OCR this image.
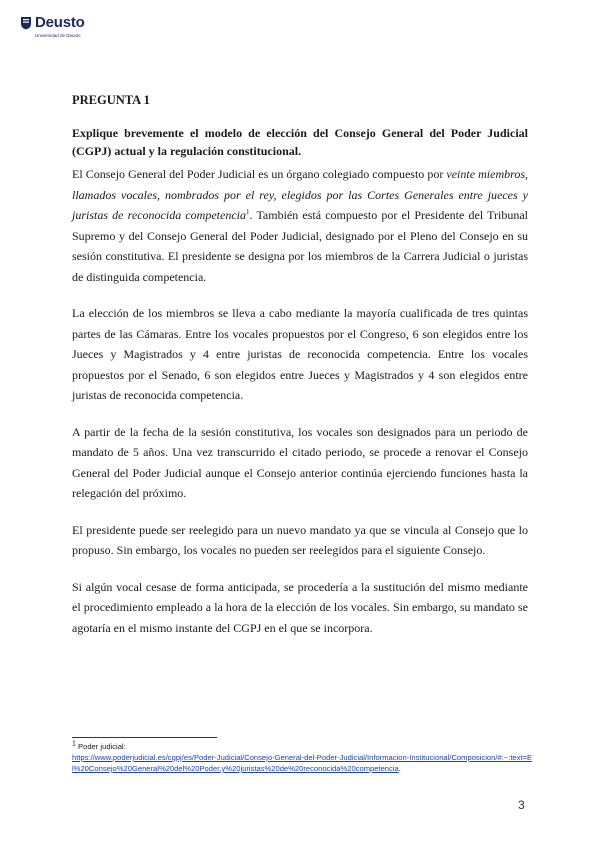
Deusto
Universidad de Deusto
PREGUNTA 1
Explique brevemente el modelo de elección del Consejo General del Poder Judicial (CGPJ) actual y la regulación constitucional.

El Consejo General del Poder Judicial es un órgano colegiado compuesto por veinte miembros, llamados vocales, nombrados por el rey, elegidos por las Cortes Generales entre jueces y juristas de reconocida competencia$^1$. También está compuesto por el Presidente del Tribunal Supremo y del Consejo General del Poder Judicial, designado por el Pleno del Consejo en su sesión constitutiva. El presidente se designa por los miembros de la Carrera Judicial o juristas de distinguida competencia.

La elección de los miembros se lleva a cabo mediante la mayoría cualificada de tres quintas partes de las Cámaras. Entre los vocales propuestos por el Congreso, 6 son elegidos entre los Jueces y Magistrados y 4 entre juristas de reconocida competencia. Entre los vocales propuestos por el Senado, 6 son elegidos entre Jueces y Magistrados y 4 son elegidos entre juristas de reconocida competencia.

A partir de la fecha de la sesión constitutiva, los vocales son designados para un periodo de mandato de 5 años. Una vez transcurrido el citado periodo, se procede a renovar el Consejo General del Poder Judicial aunque el Consejo anterior continúa ejerciendo funciones hasta la relegación del próximo.

El presidente puede ser reelegido para un nuevo mandato ya que se vincula al Consejo que lo propuso. Sin embargo, los vocales no pueden ser reelegidos para el siguiente Consejo.

Si algún vocal cesase de forma anticipada, se procedería a la sustitución del mismo mediante el procedimiento empleado a la hora de la elección de los vocales. Sin embargo, su mandato se agotaría en el mismo instante del CGPJ en el que se incorpora.

$^1$ Poder judicial:
https://www.poderjudicial.es/cgpj/es/Poder-Judicial/Consejo-General-del-Poder-Judicial/Informacion-Institucional/Composicion/#:~:text=El%20Consejo%20General%20del%20Poder,y%20juristas%20de%20reconocida%20competencia.
3
